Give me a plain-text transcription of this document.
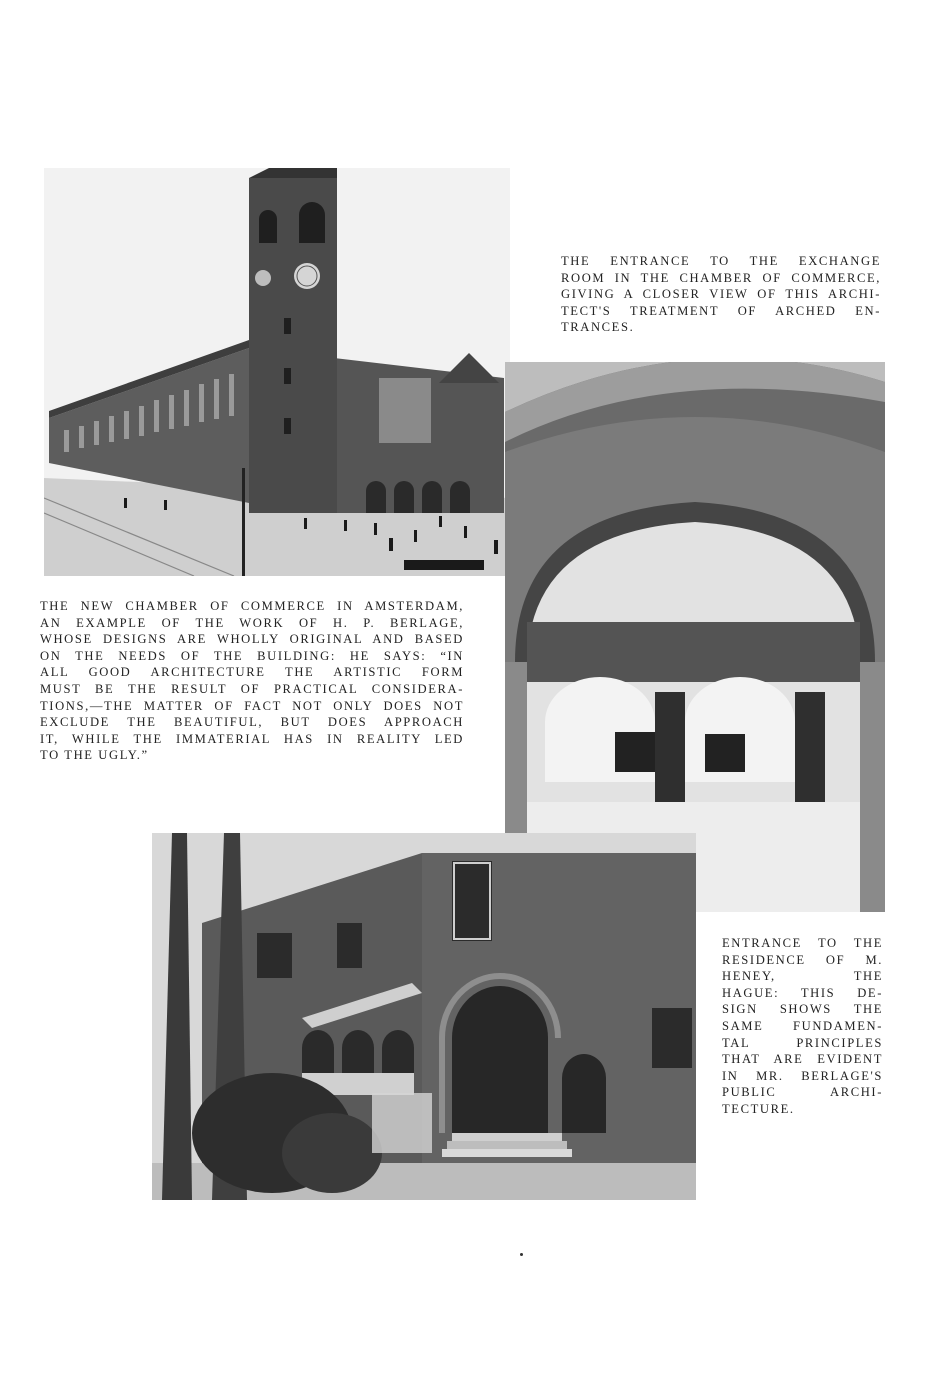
THE ENTRANCE TO THE EXCHANGE
ROOM IN THE CHAMBER OF COMMERCE,
GIVING A CLOSER VIEW OF THIS ARCHI-
TECT'S TREATMENT OF ARCHED EN-
TRANCES.

THE NEW CHAMBER OF COMMERCE IN AMSTERDAM,
AN EXAMPLE OF THE WORK OF H. P. BERLAGE,
WHOSE DESIGNS ARE WHOLLY ORIGINAL AND BASED
ON THE NEEDS OF THE BUILDING: HE SAYS: “IN
ALL GOOD ARCHITECTURE THE ARTISTIC FORM
MUST BE THE RESULT OF PRACTICAL CONSIDERA-
TIONS,—THE MATTER OF FACT NOT ONLY DOES NOT
EXCLUDE THE BEAUTIFUL, BUT DOES APPROACH
IT, WHILE THE IMMATERIAL HAS IN REALITY LED
TO THE UGLY.”

ENTRANCE TO THE
RESIDENCE OF M.
HENEY, THE
HAGUE: THIS DE-
SIGN SHOWS THE
SAME FUNDAMEN-
TAL PRINCIPLES
THAT ARE EVIDENT
IN MR. BERLAGE'S
PUBLIC ARCHI-
TECTURE.
